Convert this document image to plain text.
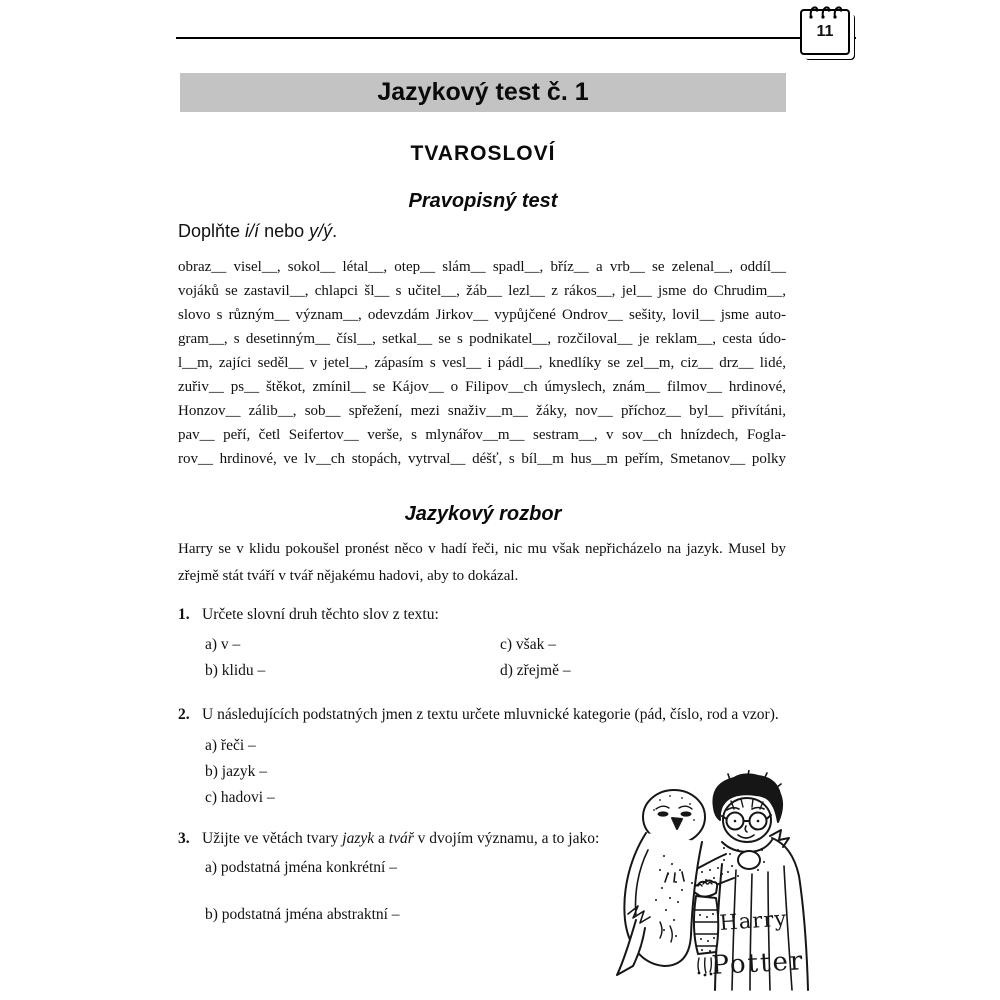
11
Jazykový test č. 1
TVAROSLOVÍ
Pravopisný test
Doplňte i/í nebo y/ý.
obraz__ visel__, sokol__ létal__, otep__ slám__ spadl__, bříz__ a vrb__ se zelenal__, oddíl__
vojáků se zastavil__, chlapci šl__ s učitel__, žáb__ lezl__ z rákos__, jel__ jsme do Chrudim__,
slovo s různým__ význam__, odevzdám Jirkov__ vypůjčené Ondrov__ sešity, lovil__ jsme auto-
gram__, s desetinným__ čísl__, setkal__ se s podnikatel__, rozčiloval__ je reklam__, cesta údo-
l__m, zajíci seděl__ v jetel__, zápasím s vesl__ i pádl__, knedlíky se zel__m, ciz__ drz__ lidé,
zuřiv__ ps__ štěkot, zmínil__ se Kájov__ o Filipov__ch úmyslech, znám__ filmov__ hrdinové,
Honzov__ zálib__, sob__ spřežení, mezi snaživ__m__ žáky, nov__ příchoz__ byl__ přivítáni,
pav__ peří, četl Seifertov__ verše, s mlynářov__m__ sestram__, v sov__ch hnízdech, Fogla-
rov__ hrdinové, ve lv__ch stopách, vytrval__ déšť, s bíl__m hus__m peřím, Smetanov__ polky
Jazykový rozbor
Harry se v klidu pokoušel pronést něco v hadí řeči, nic mu však nepřicházelo na jazyk. Musel by zřejmě stát tváří v tvář nějakému hadovi, aby to dokázal.
1. Určete slovní druh těchto slov z textu:
a) v –	c) však –
b) klidu –	d) zřejmě –
2. U následujících podstatných jmen z textu určete mluvnické kategorie (pád, číslo, rod a vzor).
a) řeči –
b) jazyk –
c) hadovi –
3. Užijte ve větách tvary jazyk a tvář v dvojím významu, a to jako:
a) podstatná jména konkrétní –
b) podstatná jména abstraktní –	Harry
Potter
